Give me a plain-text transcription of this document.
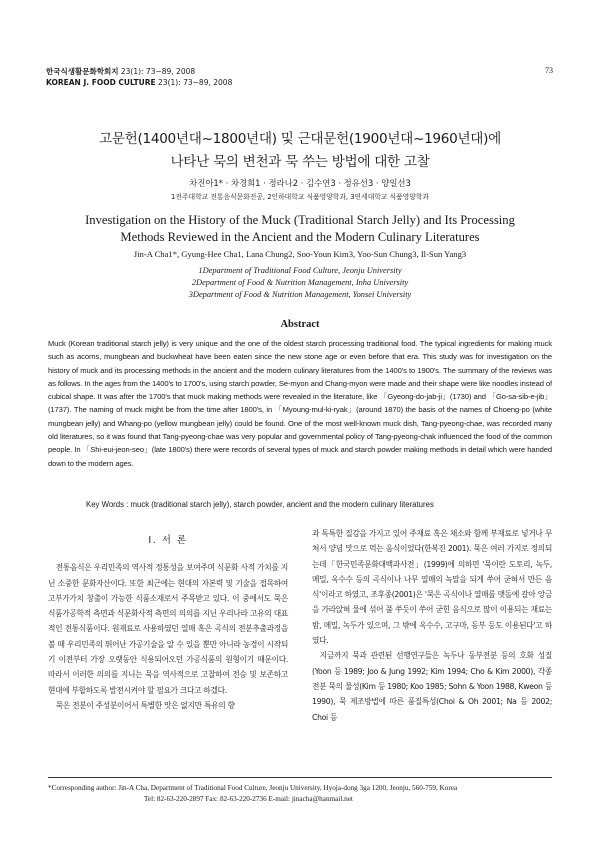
한국식생활문화학회지 23(1): 73~89, 2008
KOREAN J. FOOD CULTURE 23(1): 73~89, 2008
73
고문헌(1400년대~1800년대) 및 근대문헌(1900년대~1960년대)에
나타난 묵의 변천과 묵 쑤는 방법에 대한 고찰
차진아1* · 차경희1 · 정라나2 · 김수연3 · 정유선3 · 양일선3
1전주대학교 전통음식문화전공, 2인하대학교 식품영양학과, 3연세대학교 식품영양학과
Investigation on the History of the Muck (Traditional Starch Jelly) and Its Processing
Methods Reviewed in the Ancient and the Modern Culinary Literatures
Jin-A Cha1*, Gyung-Hee Cha1, Lana Chung2, Soo-Youn Kim3, Yoo-Sun Chung3, Il-Sun Yang3
1Department of Traditional Food Culture, Jeonju University
2Department of Food & Nutrition Management, Inha University
3Department of Food & Nutrition Management, Yonsei University
Abstract
Muck (Korean traditional starch jelly) is very unique and the one of the oldest starch processing traditional food. The typical ingredients for making muck such as acorns, mungbean and buckwheat have been eaten since the new stone age or even before that era. This study was for investigation on the history of muck and its processing methods in the ancient and the modern culinary literatures from the 1400's to 1900's. The summary of the reviews was as follows. In the ages from the 1400's to 1700's, using starch powder, Se-myon and Chang-myon were made and their shape were like noodles instead of cubical shape. It was after the 1700's that muck making methods were revealed in the literature, like 「Gyeong-do-jab-ji」(1730) and 「Go-sa-sib-e-jib」(1737). The naming of muck might be from the time after 1800's, in 「Myoung-mul-ki-ryak」(around 1870) the basis of the names of Choeng-po (white mungbean jelly) and Whang-po (yellow mungbean jelly) could be found. One of the most well-known muck dish, Tang-pyeong-chae, was recorded many old literatures, so it was found that Tang-pyeong-chae was very popular and governmental policy of Tang-pyeong-chak influenced the food of the common people. In 「Shi-eui-jeon-seo」(late 1800's) there were records of several types of muck and starch powder making methods in detail which were handed down to the modern ages.
Key Words : muck (traditional starch jelly), starch powder, ancient and the modern culinary literatures
I. 서 론

전통음식은 우리민족의 역사적 정통성을 보여주며 식문화 사적 가치를 지닌 소중한 문화자산이다. 또한 최근에는 현대의 자본력 및 기술을 접목하여 고부가가치 창출이 가능한 식품소재로서 주목받고 있다. 이 중에서도 묵은 식품가공학적 측면과 식문화사적 측면의 의의를 지닌 우리나라 고유의 대표적인 전통식품이다. 원재료로 사용하였던 열매 혹은 곡식의 전분추출과정을 볼 때 우리민족의 뛰어난 가공기술을 알 수 있을 뿐만 아니라 농경이 시작되기 이전부터 가장 오랫동안 식용되어오던 가공식품의 원형이기 때문이다. 따라서 이러한 의의를 지니는 묵을 역사적으로 고찰하여 전승 및 보존하고 현대에 부합하도록 발전시켜야 할 필요가 크다고 하겠다.

묵은 전분이 주성분이어서 특별한 맛은 없지만 특유의 향

과 독특한 질감을 가지고 있어 주재료 혹은 채소와 함께 부재료로 넣거나 무쳐서 양념 맛으로 먹는 음식이었다(한복진 2001). 묵은 여러 가지로 정의되는데「한국민족문화대백과사전」(1999)에 의하면 '묵이란 도토리, 녹두, 메밀, 옥수수 등의 곡식이나 나무 열매의 녹말을 되게 쑤어 굳혀서 만든 음식'이라고 하였고, 조후종(2001)은 '묵은 곡식이나 열매를 맷돌에 갈아 앙금을 가라앉혀 물에 섞어 풀 쑤듯이 쑤어 굳힌 음식으로 많이 이용되는 재료는 밤, 메밀, 녹두가 있으며, 그 밖에 옥수수, 고구마, 동부 등도 이용된다'고 하였다.

지금까지 묵과 관련된 선행연구들은 녹두나 동부전분 등의 호화 성질(Yoon 등 1989; Joo & Jung 1992; Kim 1994; Cho & Kim 2000), 각종 전분 묵의 물성(Kim 등 1980; Koo 1985; Sohn & Yoon 1988, Kweon 등 1990), 묵 제조방법에 따른 품질특성(Choi & Oh 2001; Na 등 2002; Choi 등

*Corresponding author: Jin-A Cha, Department of Traditional Food Culture, Jeonju University, Hyoja-dong 3ga 1200, Jeonju, 560-759, Korea
Tel: 82-63-220-2897 Fax: 82-63-220-2736 E-mail: jinacha@hanmail.net
